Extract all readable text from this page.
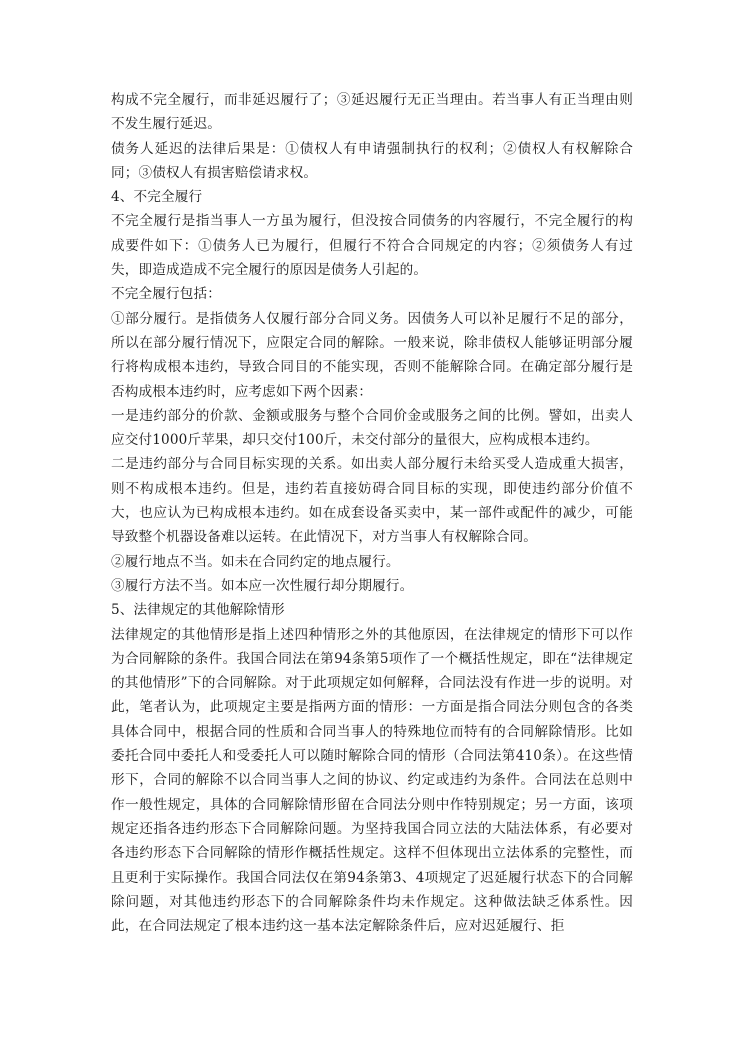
构成不完全履行，而非延迟履行了；③延迟履行无正当理由。若当事人有正当理由则不发生履行延迟。

债务人延迟的法律后果是：①债权人有申请强制执行的权利；②债权人有权解除合同；③债权人有损害赔偿请求权。

4、不完全履行

不完全履行是指当事人一方虽为履行，但没按合同债务的内容履行，不完全履行的构成要件如下：①债务人已为履行，但履行不符合合同规定的内容；②须债务人有过失，即造成造成不完全履行的原因是债务人引起的。

不完全履行包括：

①部分履行。是指债务人仅履行部分合同义务。因债务人可以补足履行不足的部分，所以在部分履行情况下，应限定合同的解除。一般来说，除非债权人能够证明部分履行将构成根本违约，导致合同目的不能实现，否则不能解除合同。在确定部分履行是否构成根本违约时，应考虑如下两个因素：

一是违约部分的价款、金额或服务与整个合同价金或服务之间的比例。譬如，出卖人应交付1000斤苹果，却只交付100斤，未交付部分的量很大，应构成根本违约。

二是违约部分与合同目标实现的关系。如出卖人部分履行未给买受人造成重大损害，则不构成根本违约。但是，违约若直接妨碍合同目标的实现，即使违约部分价值不大，也应认为已构成根本违约。如在成套设备买卖中，某一部件或配件的减少，可能导致整个机器设备难以运转。在此情况下，对方当事人有权解除合同。

②履行地点不当。如未在合同约定的地点履行。

③履行方法不当。如本应一次性履行却分期履行。

5、法律规定的其他解除情形

法律规定的其他情形是指上述四种情形之外的其他原因，在法律规定的情形下可以作为合同解除的条件。我国合同法在第94条第5项作了一个概括性规定，即在“法律规定的其他情形”下的合同解除。对于此项规定如何解释，合同法没有作进一步的说明。对此，笔者认为，此项规定主要是指两方面的情形：一方面是指合同法分则包含的各类具体合同中，根据合同的性质和合同当事人的特殊地位而特有的合同解除情形。比如委托合同中委托人和受委托人可以随时解除合同的情形（合同法第410条）。在这些情形下，合同的解除不以合同当事人之间的协议、约定或违约为条件。合同法在总则中作一般性规定，具体的合同解除情形留在合同法分则中作特别规定；另一方面，该项规定还指各违约形态下合同解除问题。为坚持我国合同立法的大陆法体系，有必要对各违约形态下合同解除的情形作概括性规定。这样不但体现出立法体系的完整性，而且更利于实际操作。我国合同法仅在第94条第3、4项规定了迟延履行状态下的合同解除问题，对其他违约形态下的合同解除条件均未作规定。这种做法缺乏体系性。因此，在合同法规定了根本违约这一基本法定解除条件后，应对迟延履行、拒
